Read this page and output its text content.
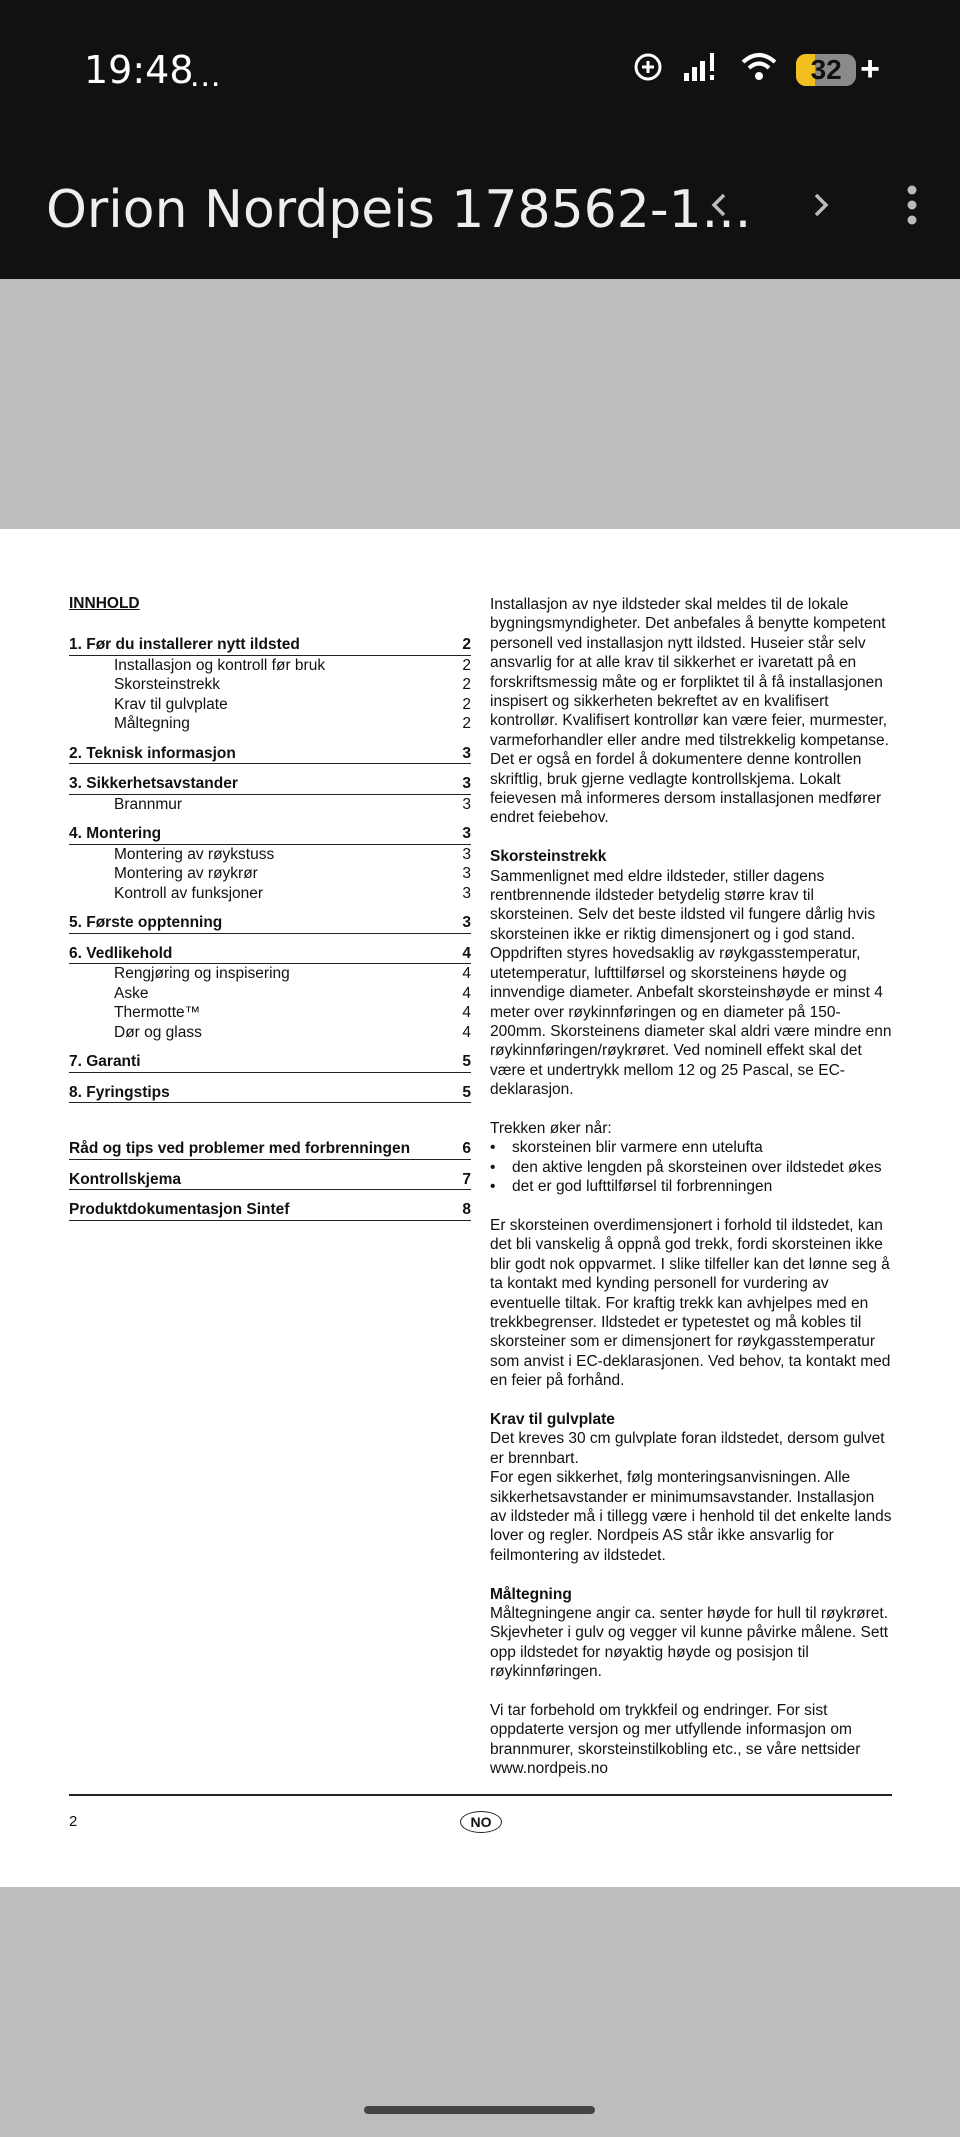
19:48
...	32 +
Orion Nordpeis 178562-1...

INNHOLD

1. Før du installerer nytt ildsted	2
Installasjon og kontroll før bruk	2
Skorsteinstrekk	2
Krav til gulvplate	2
Måltegning	2
2. Teknisk informasjon	3
3. Sikkerhetsavstander	3
Brannmur	3
4. Montering	3
Montering av røykstuss	3
Montering av røykrør	3
Kontroll av funksjoner	3
5. Første opptenning	3
6. Vedlikehold	4
Rengjøring og inspisering	4
Aske	4
Thermotte™	4
Dør og glass	4
7. Garanti	5
8. Fyringstips	5
Råd og tips ved problemer med forbrenningen	6
Kontrollskjema	7
Produktdokumentasjon Sintef	8

Installasjon av nye ildsteder skal meldes til de lokale bygningsmyndigheter. Det anbefales å benytte kompetent personell ved installasjon nytt ildsted. Huseier står selv ansvarlig for at alle krav til sikkerhet er ivaretatt på en forskriftsmessig måte og er forpliktet til å få installasjonen inspisert og sikkerheten bekreftet av en kvalifisert kontrollør. Kvalifisert kontrollør kan være feier, murmester, varmeforhandler eller andre med tilstrekkelig kompetanse. Det er også en fordel å dokumentere denne kontrollen skriftlig, bruk gjerne vedlagte kontrollskjema. Lokalt feievesen må informeres dersom installasjonen medfører endret feiebehov.

Skorsteinstrekk

Sammenlignet med eldre ildsteder, stiller dagens rentbrennende ildsteder betydelig større krav til skorsteinen. Selv det beste ildsted vil fungere dårlig hvis skorsteinen ikke er riktig dimensjonert og i god stand. Oppdriften styres hovedsaklig av røykgasstemperatur, utetemperatur, lufttilførsel og skorsteinens høyde og innvendige diameter. Anbefalt skorsteinshøyde er minst 4 meter over røykinnføringen og en diameter på 150-200mm. Skorsteinens diameter skal aldri være mindre enn røykinnføringen/røykrøret. Ved nominell effekt skal det være et undertrykk mellom 12 og 25 Pascal, se EC-deklarasjon.

Trekken øker når:

• skorsteinen blir varmere enn utelufta
• den aktive lengden på skorsteinen over ildstedet økes
• det er god lufttilførsel til forbrenningen

Er skorsteinen overdimensjonert i forhold til ildstedet, kan det bli vanskelig å oppnå god trekk, fordi skorsteinen ikke blir godt nok oppvarmet. I slike tilfeller kan det lønne seg å ta kontakt med kynding personell for vurdering av eventuelle tiltak. For kraftig trekk kan avhjelpes med en trekkbegrenser. Ildstedet er typetestet og må kobles til skorsteiner som er dimensjonert for røykgasstemperatur som anvist i EC-deklarasjonen. Ved behov, ta kontakt med en feier på forhånd.

Krav til gulvplate

Det kreves 30 cm gulvplate foran ildstedet, dersom gulvet er brennbart.

For egen sikkerhet, følg monteringsanvisningen. Alle sikkerhetsavstander er minimumsavstander. Installasjon av ildsteder må i tillegg være i henhold til det enkelte lands lover og regler. Nordpeis AS står ikke ansvarlig for feilmontering av ildstedet.

Måltegning

Måltegningene angir ca. senter høyde for hull til røykrøret. Skjevheter i gulv og vegger vil kunne påvirke målene. Sett opp ildstedet for nøyaktig høyde og posisjon til røykinnføringen.

Vi tar forbehold om trykkfeil og endringer. For sist oppdaterte versjon og mer utfyllende informasjon om brannmurer, skorsteinstilkobling etc., se våre nettsider www.nordpeis.no

2	NO
